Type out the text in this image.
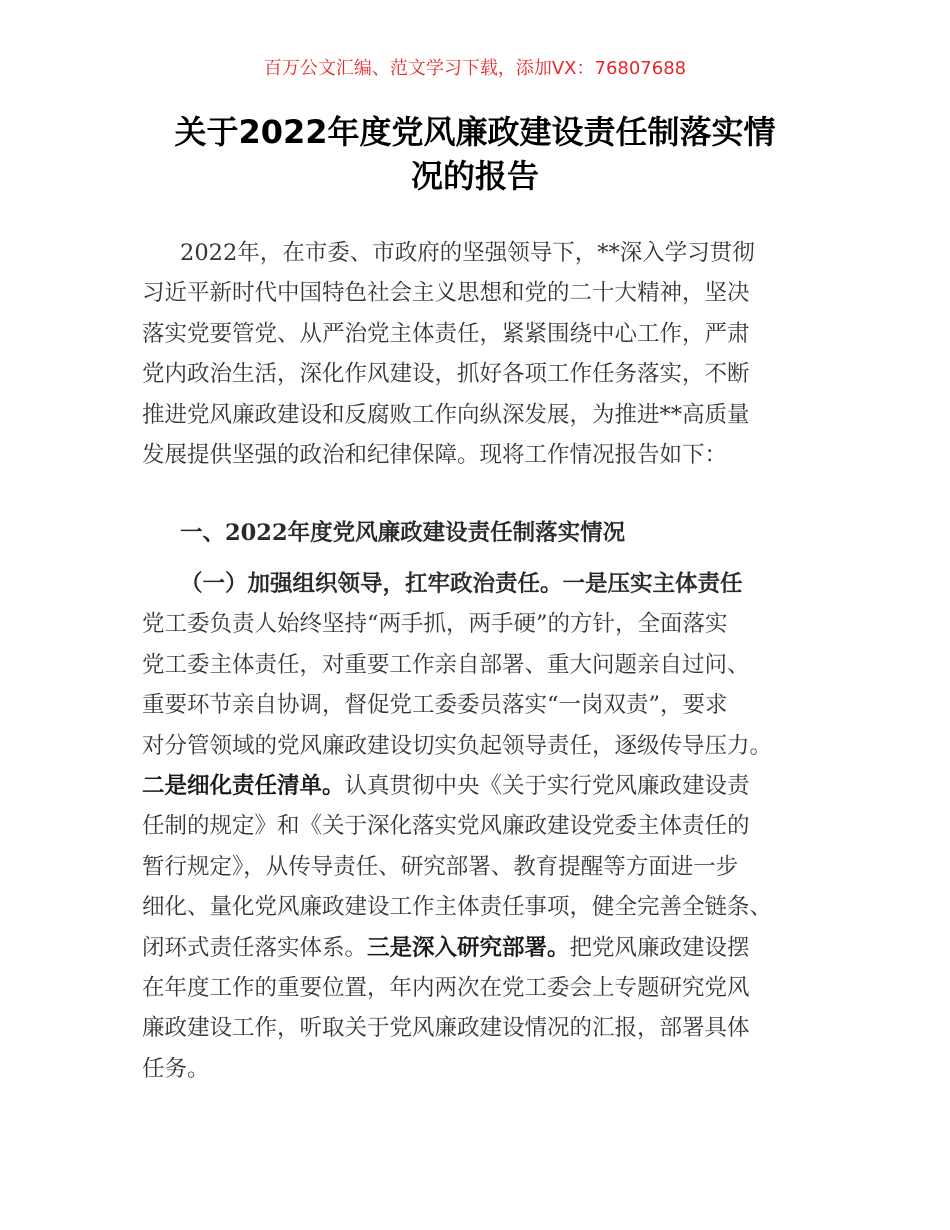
百万公文汇编、范文学习下载，添加VX：76807688
关于2022年度党风廉政建设责任制落实情
况的报告
2022年，在市委、市政府的坚强领导下，**深入学习贯彻
习近平新时代中国特色社会主义思想和党的二十大精神，坚决
落实党要管党、从严治党主体责任，紧紧围绕中心工作，严肃
党内政治生活，深化作风建设，抓好各项工作任务落实，不断
推进党风廉政建设和反腐败工作向纵深发展，为推进**高质量
发展提供坚强的政治和纪律保障。现将工作情况报告如下：
一、2022年度党风廉政建设责任制落实情况
（一）加强组织领导，扛牢政治责任。一是压实主体责任
党工委负责人始终坚持“两手抓，两手硬”的方针，全面落实
党工委主体责任，对重要工作亲自部署、重大问题亲自过问、
重要环节亲自协调，督促党工委委员落实“一岗双责”，要求
对分管领域的党风廉政建设切实负起领导责任，逐级传导压力。
二是细化责任清单。认真贯彻中央《关于实行党风廉政建设责
任制的规定》和《关于深化落实党风廉政建设党委主体责任的
暂行规定》，从传导责任、研究部署、教育提醒等方面进一步
细化、量化党风廉政建设工作主体责任事项，健全完善全链条、
闭环式责任落实体系。三是深入研究部署。把党风廉政建设摆
在年度工作的重要位置，年内两次在党工委会上专题研究党风
廉政建设工作，听取关于党风廉政建设情况的汇报，部署具体
任务。
